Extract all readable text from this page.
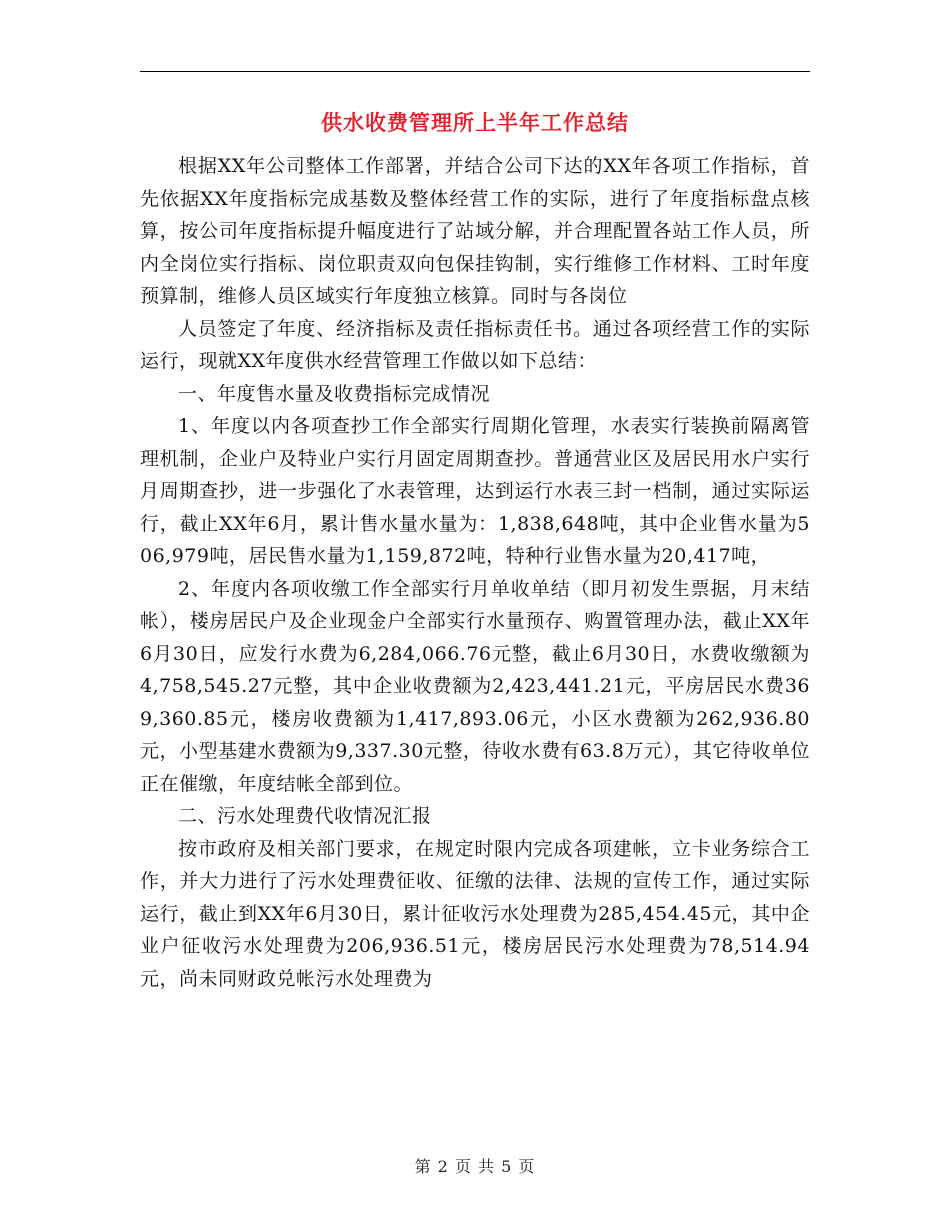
供水收费管理所上半年工作总结

根据XX年公司整体工作部署，并结合公司下达的XX年各项工作指标，首先依据XX年度指标完成基数及整体经营工作的实际，进行了年度指标盘点核算，按公司年度指标提升幅度进行了站域分解，并合理配置各站工作人员，所内全岗位实行指标、岗位职责双向包保挂钩制，实行维修工作材料、工时年度预算制，维修人员区域实行年度独立核算。同时与各岗位

人员签定了年度、经济指标及责任指标责任书。通过各项经营工作的实际运行，现就XX年度供水经营管理工作做以如下总结：

一、年度售水量及收费指标完成情况

1、年度以内各项查抄工作全部实行周期化管理，水表实行装换前隔离管理机制，企业户及特业户实行月固定周期查抄。普通营业区及居民用水户实行月周期查抄，进一步强化了水表管理，达到运行水表三封一档制，通过实际运行，截止XX年6月，累计售水量水量为：1,838,648吨，其中企业售水量为506,979吨，居民售水量为1,159,872吨，特种行业售水量为20,417吨，

2、年度内各项收缴工作全部实行月单收单结（即月初发生票据，月末结帐），楼房居民户及企业现金户全部实行水量预存、购置管理办法，截止XX年6月30日，应发行水费为6,284,066.76元整，截止6月30日，水费收缴额为4,758,545.27元整，其中企业收费额为2,423,441.21元，平房居民水费369,360.85元，楼房收费额为1,417,893.06元，小区水费额为262,936.80元，小型基建水费额为9,337.30元整，待收水费有63.8万元），其它待收单位正在催缴，年度结帐全部到位。

二、污水处理费代收情况汇报

按市政府及相关部门要求，在规定时限内完成各项建帐，立卡业务综合工作，并大力进行了污水处理费征收、征缴的法律、法规的宣传工作，通过实际运行，截止到XX年6月30日，累计征收污水处理费为285,454.45元，其中企业户征收污水处理费为206,936.51元，楼房居民污水处理费为78,514.94元，尚未同财政兑帐污水处理费为

第 2 页 共 5 页
